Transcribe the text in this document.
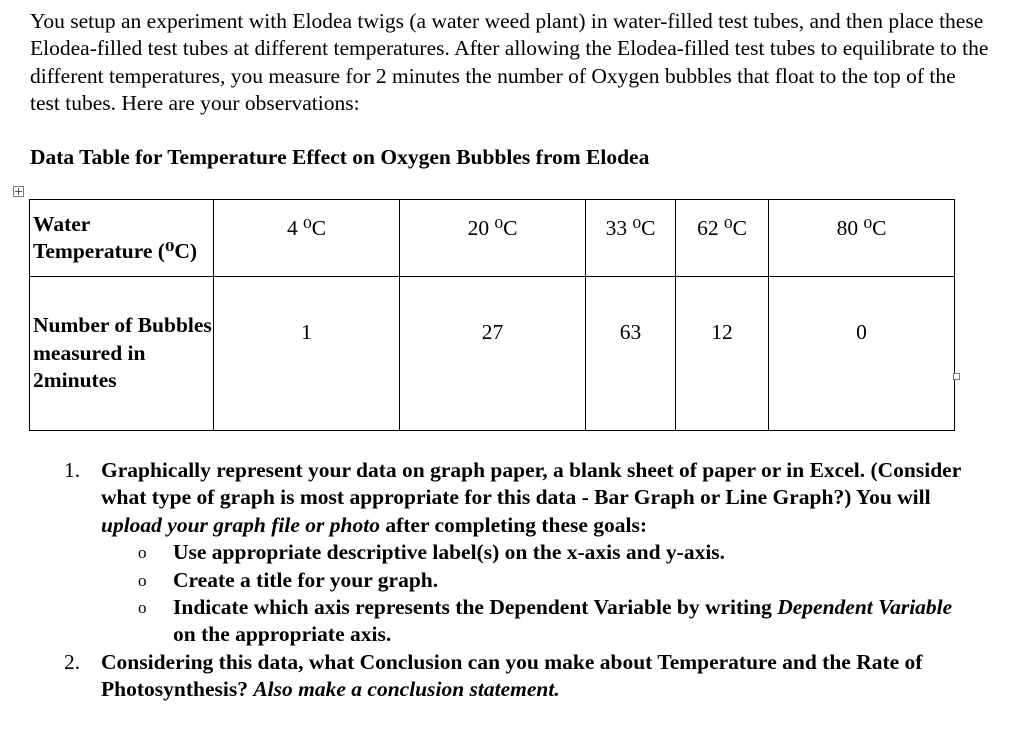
You setup an experiment with Elodea twigs (a water weed plant) in water-filled test tubes, and then place these Elodea-filled test tubes at different temperatures. After allowing the Elodea-filled test tubes to equilibrate to the different temperatures, you measure for 2 minutes the number of Oxygen bubbles that float to the top of the test tubes. Here are your observations:

Data Table for Temperature Effect on Oxygen Bubbles from Elodea

Water Temperature (⁰C)	4 ⁰C	20 ⁰C	33 ⁰C	62 ⁰C	80 ⁰C
Number of Bubbles measured in 2minutes	1	27	63	12	0
1. Graphically represent your data on graph paper, a blank sheet of paper or in Excel. (Consider what type of graph is most appropriate for this data - Bar Graph or Line Graph?) You will upload your graph file or photo after completing these goals:
o Use appropriate descriptive label(s) on the x-axis and y-axis.
o Create a title for your graph.
o Indicate which axis represents the Dependent Variable by writing Dependent Variable on the appropriate axis.
2. Considering this data, what Conclusion can you make about Temperature and the Rate of Photosynthesis? Also make a conclusion statement.
